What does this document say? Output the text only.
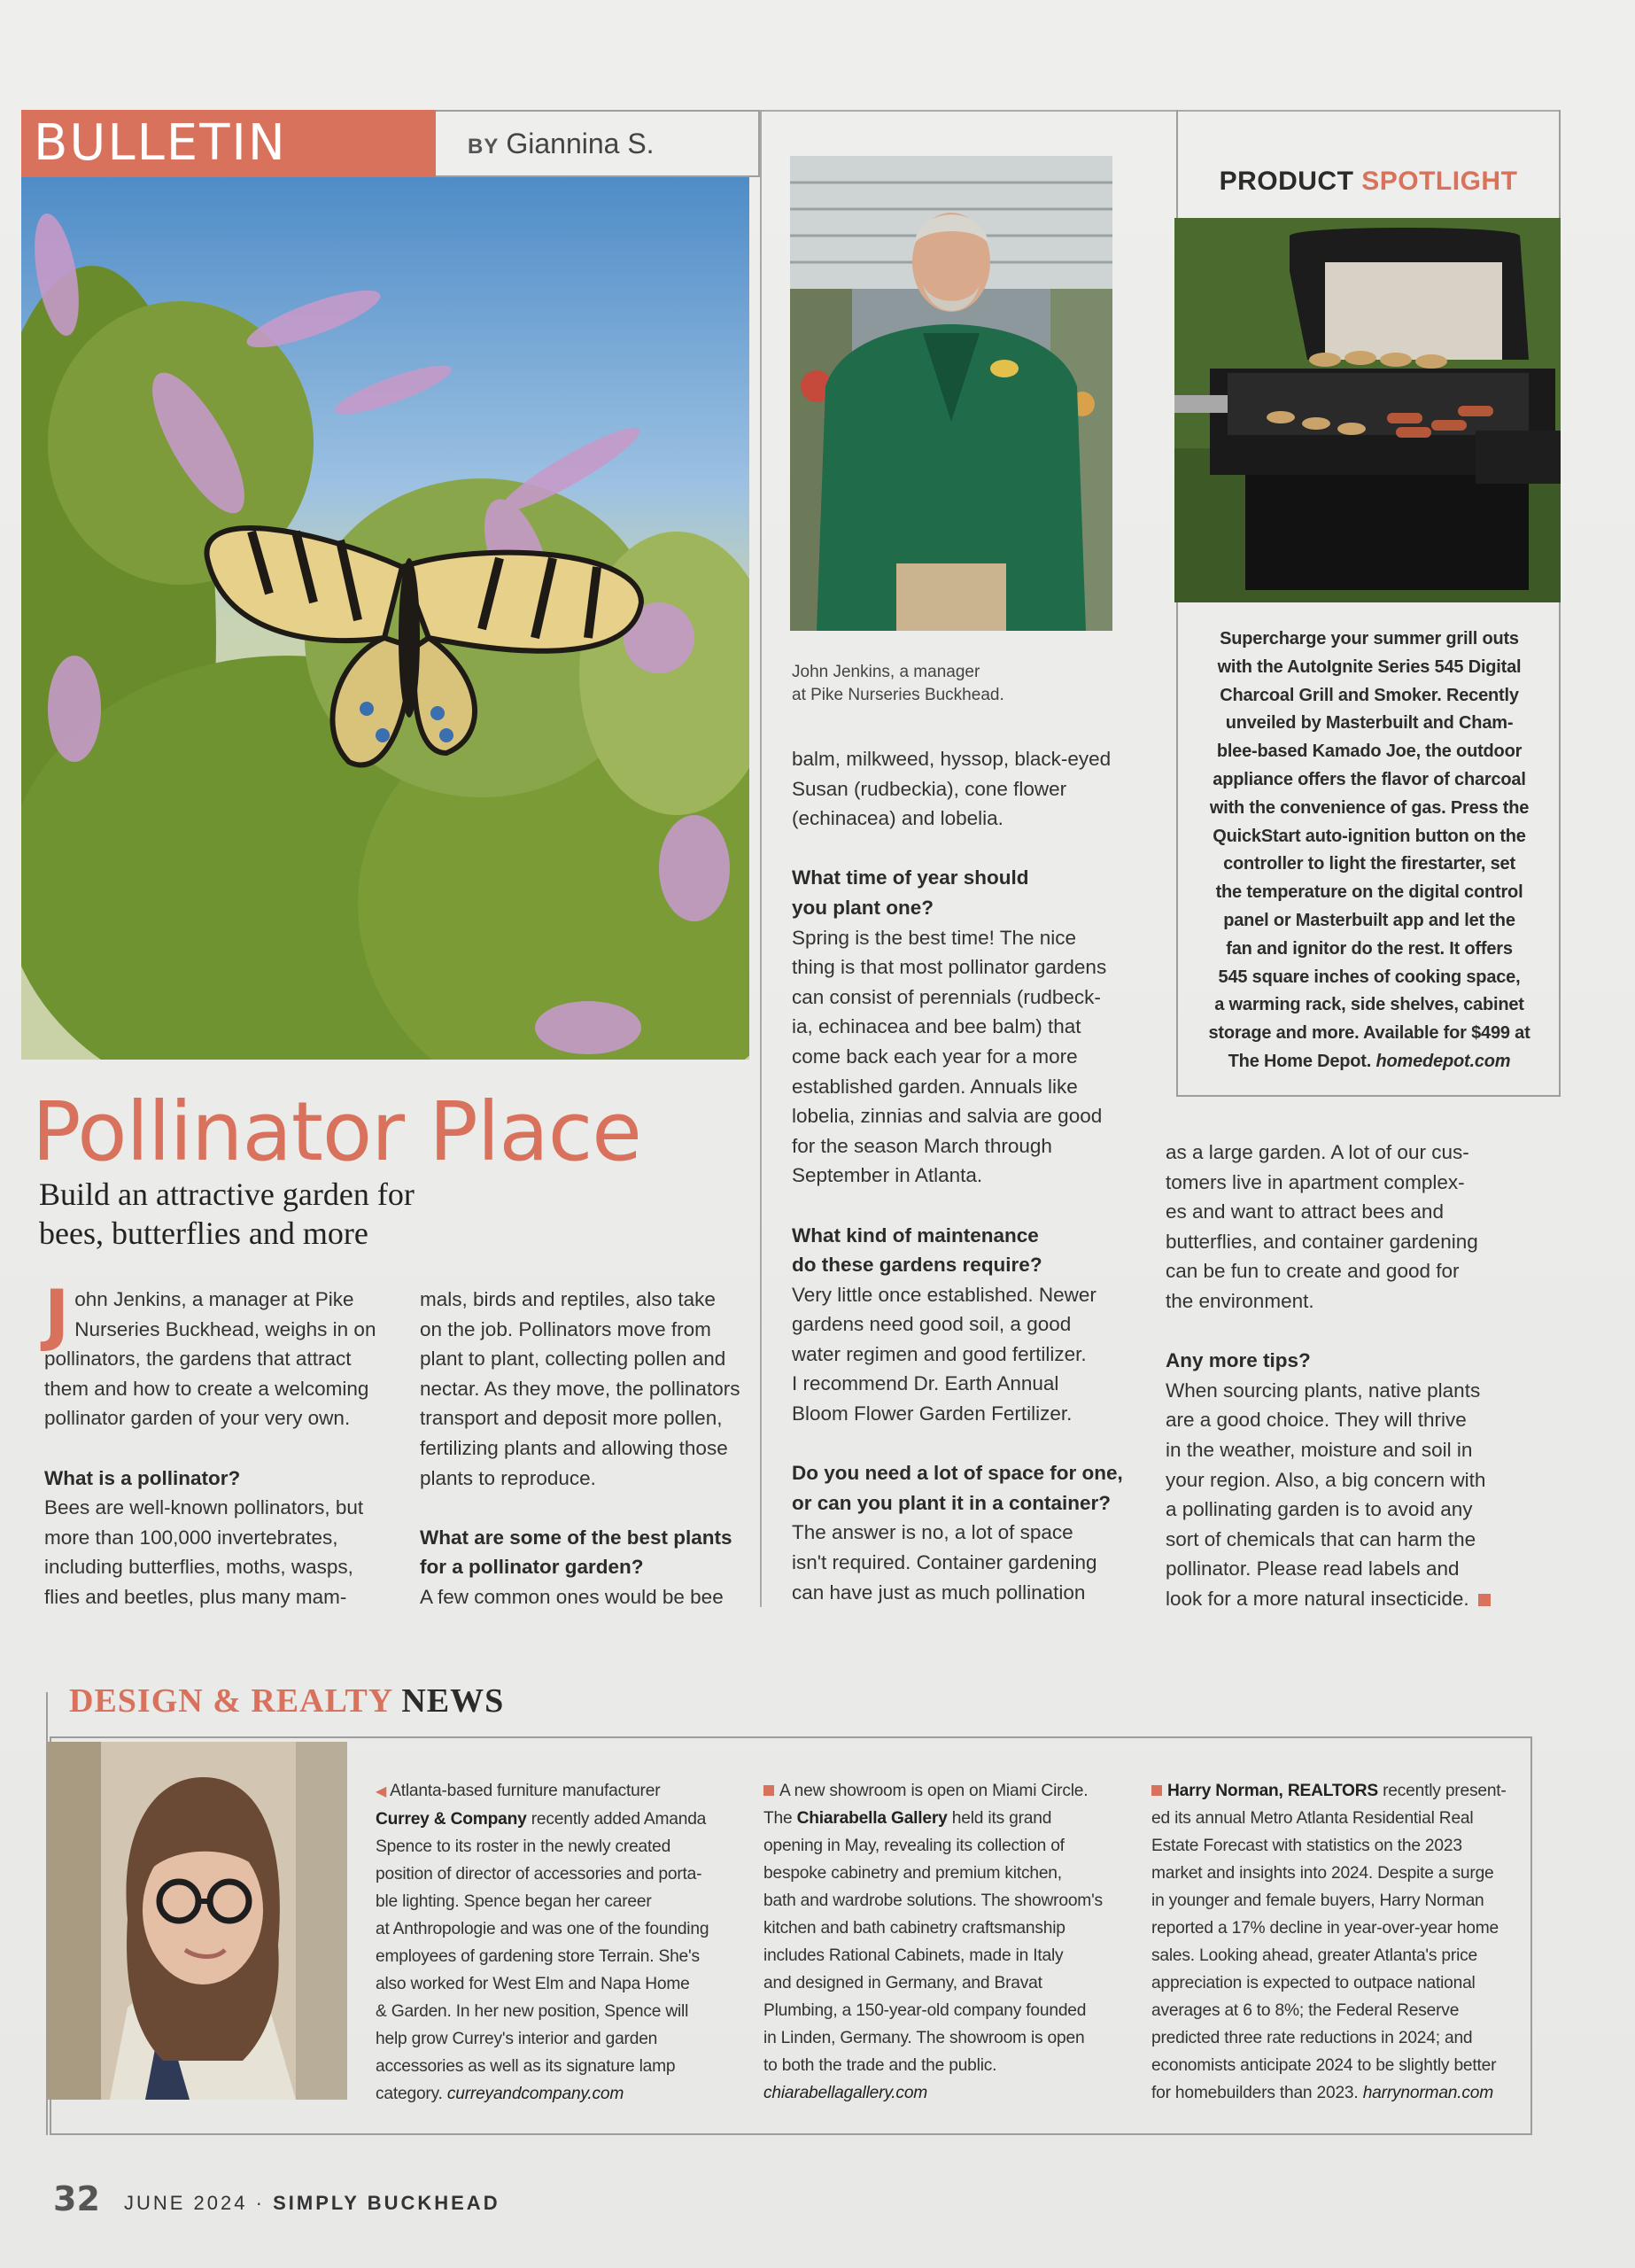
BULLETIN	BY Giannina S.
John Jenkins, a manager
at Pike Nurseries Buckhead.
PRODUCT SPOTLIGHT
Supercharge your summer grill outs
with the AutoIgnite Series 545 Digital
Charcoal Grill and Smoker. Recently
unveiled by Masterbuilt and Cham-
blee-based Kamado Joe, the outdoor
appliance offers the flavor of charcoal
with the convenience of gas. Press the
QuickStart auto-ignition button on the
controller to light the firestarter, set
the temperature on the digital control
panel or Masterbuilt app and let the
fan and ignitor do the rest. It offers
545 square inches of cooking space,
a warming rack, side shelves, cabinet
storage and more. Available for $499 at
The Home Depot. homedepot.com
Pollinator Place
Build an attractive garden for
bees, butterflies and more
J ohn Jenkins, a manager at Pike

Nurseries Buckhead, weighs in on

pollinators, the gardens that attract

them and how to create a welcoming

pollinator garden of your very own.

What is a pollinator?

Bees are well-known pollinators, but

more than 100,000 invertebrates,

including butterflies, moths, wasps,

flies and beetles, plus many mam-

mals, birds and reptiles, also take

on the job. Pollinators move from

plant to plant, collecting pollen and

nectar. As they move, the pollinators

transport and deposit more pollen,

fertilizing plants and allowing those

plants to reproduce.

What are some of the best plants

for a pollinator garden?

A few common ones would be bee

balm, milkweed, hyssop, black-eyed

Susan (rudbeckia), cone flower

(echinacea) and lobelia.

What time of year should

you plant one?

Spring is the best time! The nice

thing is that most pollinator gardens

can consist of perennials (rudbeck-

ia, echinacea and bee balm) that

come back each year for a more

established garden. Annuals like

lobelia, zinnias and salvia are good

for the season March through

September in Atlanta.

What kind of maintenance

do these gardens require?

Very little once established. Newer

gardens need good soil, a good

water regimen and good fertilizer.

I recommend Dr. Earth Annual

Bloom Flower Garden Fertilizer.

Do you need a lot of space for one,

or can you plant it in a container?

The answer is no, a lot of space

isn't required. Container gardening

can have just as much pollination

as a large garden. A lot of our cus-

tomers live in apartment complex-

es and want to attract bees and

butterflies, and container gardening

can be fun to create and good for

the environment.

Any more tips?

When sourcing plants, native plants

are a good choice. They will thrive

in the weather, moisture and soil in

your region. Also, a big concern with

a pollinating garden is to avoid any

sort of chemicals that can harm the

pollinator. Please read labels and

look for a more natural insecticide.

DESIGN & REALTY NEWS
◀ Atlanta-based furniture manufacturer
Currey & Company recently added Amanda
Spence to its roster in the newly created
position of director of accessories and porta-
ble lighting. Spence began her career
at Anthropologie and was one of the founding
employees of gardening store Terrain. She's
also worked for West Elm and Napa Home
& Garden. In her new position, Spence will
help grow Currey's interior and garden
accessories as well as its signature lamp
category. curreyandcompany.com
A new showroom is open on Miami Circle.
The Chiarabella Gallery held its grand
opening in May, revealing its collection of
bespoke cabinetry and premium kitchen,
bath and wardrobe solutions. The showroom's
kitchen and bath cabinetry craftsmanship
includes Rational Cabinets, made in Italy
and designed in Germany, and Bravat
Plumbing, a 150-year-old company founded
in Linden, Germany. The showroom is open
to both the trade and the public.
chiarabellagallery.com
Harry Norman, REALTORS recently present-
ed its annual Metro Atlanta Residential Real
Estate Forecast with statistics on the 2023
market and insights into 2024. Despite a surge
in younger and female buyers, Harry Norman
reported a 17% decline in year-over-year home
sales. Looking ahead, greater Atlanta's price
appreciation is expected to outpace national
averages at 6 to 8%; the Federal Reserve
predicted three rate reductions in 2024; and
economists anticipate 2024 to be slightly better
for homebuilders than 2023. harrynorman.com
32 JUNE 2024 · SIMPLY BUCKHEAD
